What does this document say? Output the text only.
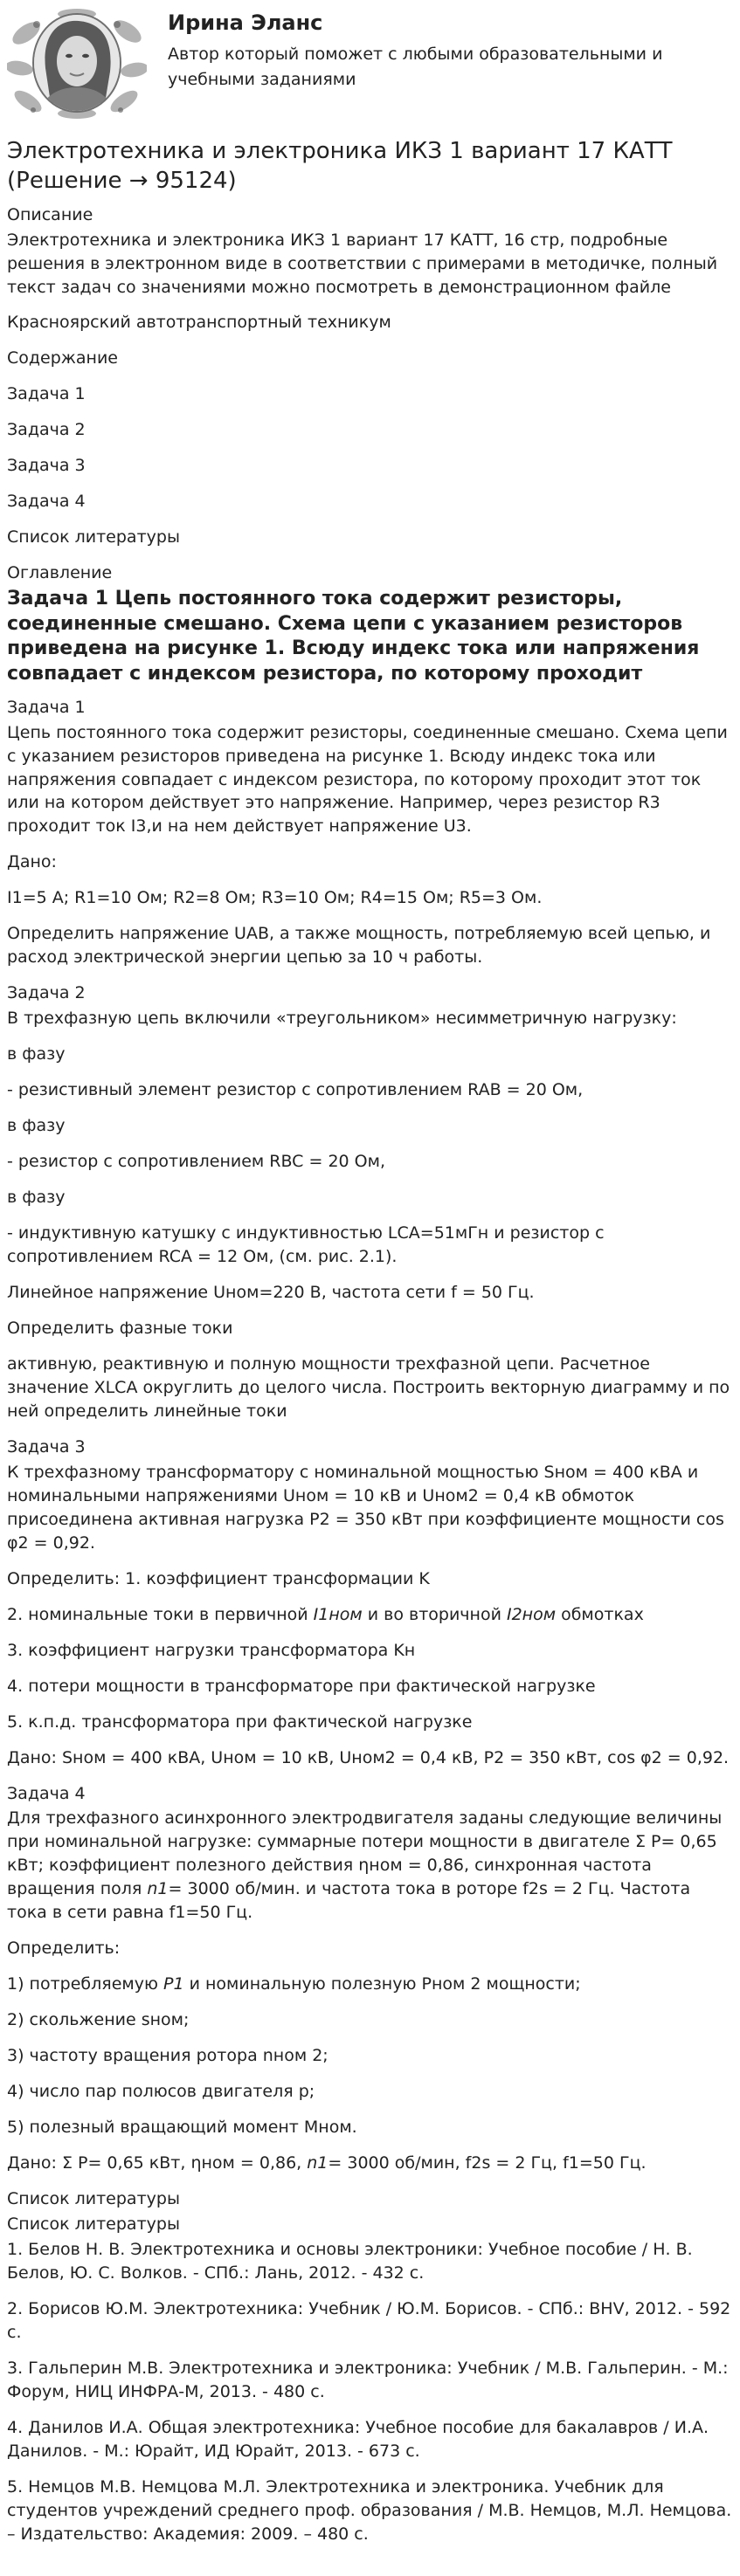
Ирина Эланс
Автор который поможет с любыми образовательными и учебными заданиями
Электротехника и электроника ИКЗ 1 вариант 17 КАТТ (Решение → 95124)
Описание

Электротехника и электроника ИКЗ 1 вариант 17 КАТТ, 16 стр, подробные решения в электронном виде в соответствии с примерами в методичке, полный текст задач со значениями можно посмотреть в демонстрационном файле

Красноярский автотранспортный техникум

Содержание

Задача 1

Задача 2

Задача 3

Задача 4

Список литературы

Оглавление
Задача 1 Цепь постоянного тока содержит резисторы, соединенные смешано. Схема цепи с указанием резисторов приведена на рисунке 1. Всюду индекс тока или напряжения совпадает с индексом резистора, по которому проходит
Задача 1

Цепь постоянного тока содержит резисторы, соединенные смешано. Схема цепи с указанием резисторов приведена на рисунке 1. Всюду индекс тока или напряжения совпадает с индексом резистора, по которому проходит этот ток или на котором действует это напряжение. Например, через резистор R3 проходит ток I3,и на нем действует напряжение U3.

Дано:

I1=5 A; R1=10 Ом; R2=8 Ом; R3=10 Ом; R4=15 Ом; R5=3 Ом.

Определить напряжение UAB, а также мощность, потребляемую всей цепью, и расход электрической энергии цепью за 10 ч работы.

Задача 2

В трехфазную цепь включили «треугольником» несимметричную нагрузку:

в фазу

- резистивный элемент резистор с сопротивлением RAB = 20 Ом,

в фазу

- резистор с сопротивлением RBC = 20 Ом,

в фазу

- индуктивную катушку с индуктивностью LCA=51мГн и резистор с сопротивлением RCA = 12 Ом, (см. рис. 2.1).

Линейное напряжение Uном=220 В, частота сети f = 50 Гц.

Определить фазные токи

активную, реактивную и полную мощности трехфазной цепи. Расчетное значение XLCA округлить до целого числа. Построить векторную диаграмму и по ней определить линейные токи

Задача 3

К трехфазному трансформатору с номинальной мощностью Sном = 400 кВА и номинальными напряжениями Uном = 10 кВ и Uном2 = 0,4 кВ обмоток присоединена активная нагрузка P2 = 350 кВт при коэффициенте мощности cos φ2 = 0,92.

Определить: 1. коэффициент трансформации K

2. номинальные токи в первичной I1ном и во вторичной I2ном обмотках

3. коэффициент нагрузки трансформатора Kн

4. потери мощности в трансформаторе при фактической нагрузке

5. к.п.д. трансформатора при фактической нагрузке

Дано: Sном = 400 кВА, Uном = 10 кВ, Uном2 = 0,4 кВ, P2 = 350 кВт, cos φ2 = 0,92.

Задача 4

Для трехфазного асинхронного электродвигателя заданы следующие величины при номинальной нагрузке: суммарные потери мощности в двигателе Σ P= 0,65 кВт; коэффициент полезного действия ηном = 0,86, синхронная частота вращения поля n1= 3000 об/мин. и частота тока в роторе f2s = 2 Гц. Частота тока в сети равна f1=50 Гц.

Определить:

1) потребляемую P1 и номинальную полезную Pном 2 мощности;

2) скольжение sном;

3) частоту вращения ротора nном 2;

4) число пар полюсов двигателя p;

5) полезный вращающий момент Mном.

Дано: Σ P= 0,65 кВт, ηном = 0,86, n1= 3000 об/мин, f2s = 2 Гц, f1=50 Гц.

Список литературы
Список литературы

1. Белов Н. В. Электротехника и основы электроники: Учебное пособие / Н. В. Белов, Ю. С. Волков. - СПб.: Лань, 2012. - 432 с.

2. Борисов Ю.М. Электротехника: Учебник / Ю.М. Борисов. - СПб.: BHV, 2012. - 592 c.

3. Гальперин М.В. Электротехника и электроника: Учебник / М.В. Гальперин. - М.: Форум, НИЦ ИНФРА-М, 2013. - 480 c.

4. Данилов И.А. Общая электротехника: Учебное пособие для бакалавров / И.А. Данилов. - М.: Юрайт, ИД Юрайт, 2013. - 673 c.

5. Немцов М.В. Немцова М.Л. Электротехника и электроника. Учебник для студентов учреждений среднего проф. образования / М.В. Немцов, М.Л. Немцова. – Издательство: Академия: 2009. – 480 с.
